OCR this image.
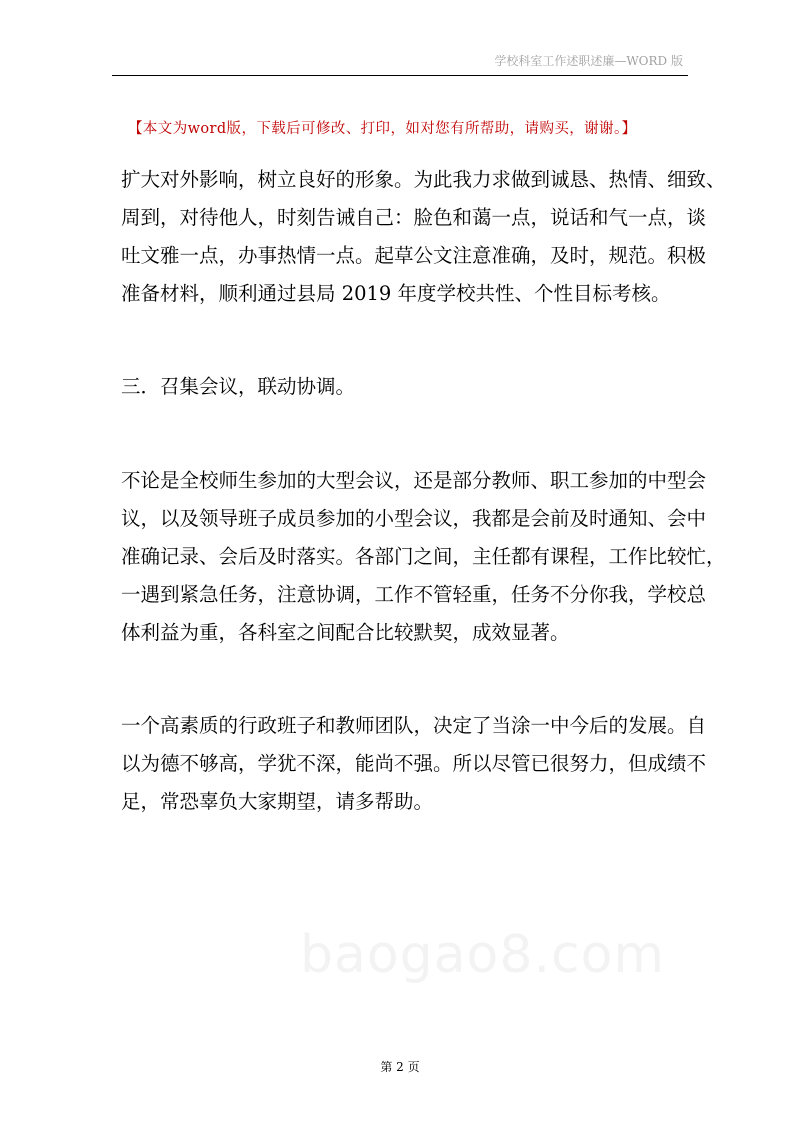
学校科室工作述职述廉—WORD 版
【本文为word版，下载后可修改、打印，如对您有所帮助，请购买，谢谢。】
扩大对外影响，树立良好的形象。为此我力求做到诚恳、热情、细致、
周到，对待他人，时刻告诫自己：脸色和蔼一点，说话和气一点，谈
吐文雅一点，办事热情一点。起草公文注意准确，及时，规范。积极
准备材料，顺利通过县局 2019 年度学校共性、个性目标考核。
三．召集会议，联动协调。
不论是全校师生参加的大型会议，还是部分教师、职工参加的中型会
议，以及领导班子成员参加的小型会议，我都是会前及时通知、会中
准确记录、会后及时落实。各部门之间，主任都有课程，工作比较忙，
一遇到紧急任务，注意协调，工作不管轻重，任务不分你我，学校总
体利益为重，各科室之间配合比较默契，成效显著。
一个高素质的行政班子和教师团队，决定了当涂一中今后的发展。自
以为德不够高，学犹不深，能尚不强。所以尽管已很努力，但成绩不
足，常恐辜负大家期望，请多帮助。
baogao8.com
第 2 页
